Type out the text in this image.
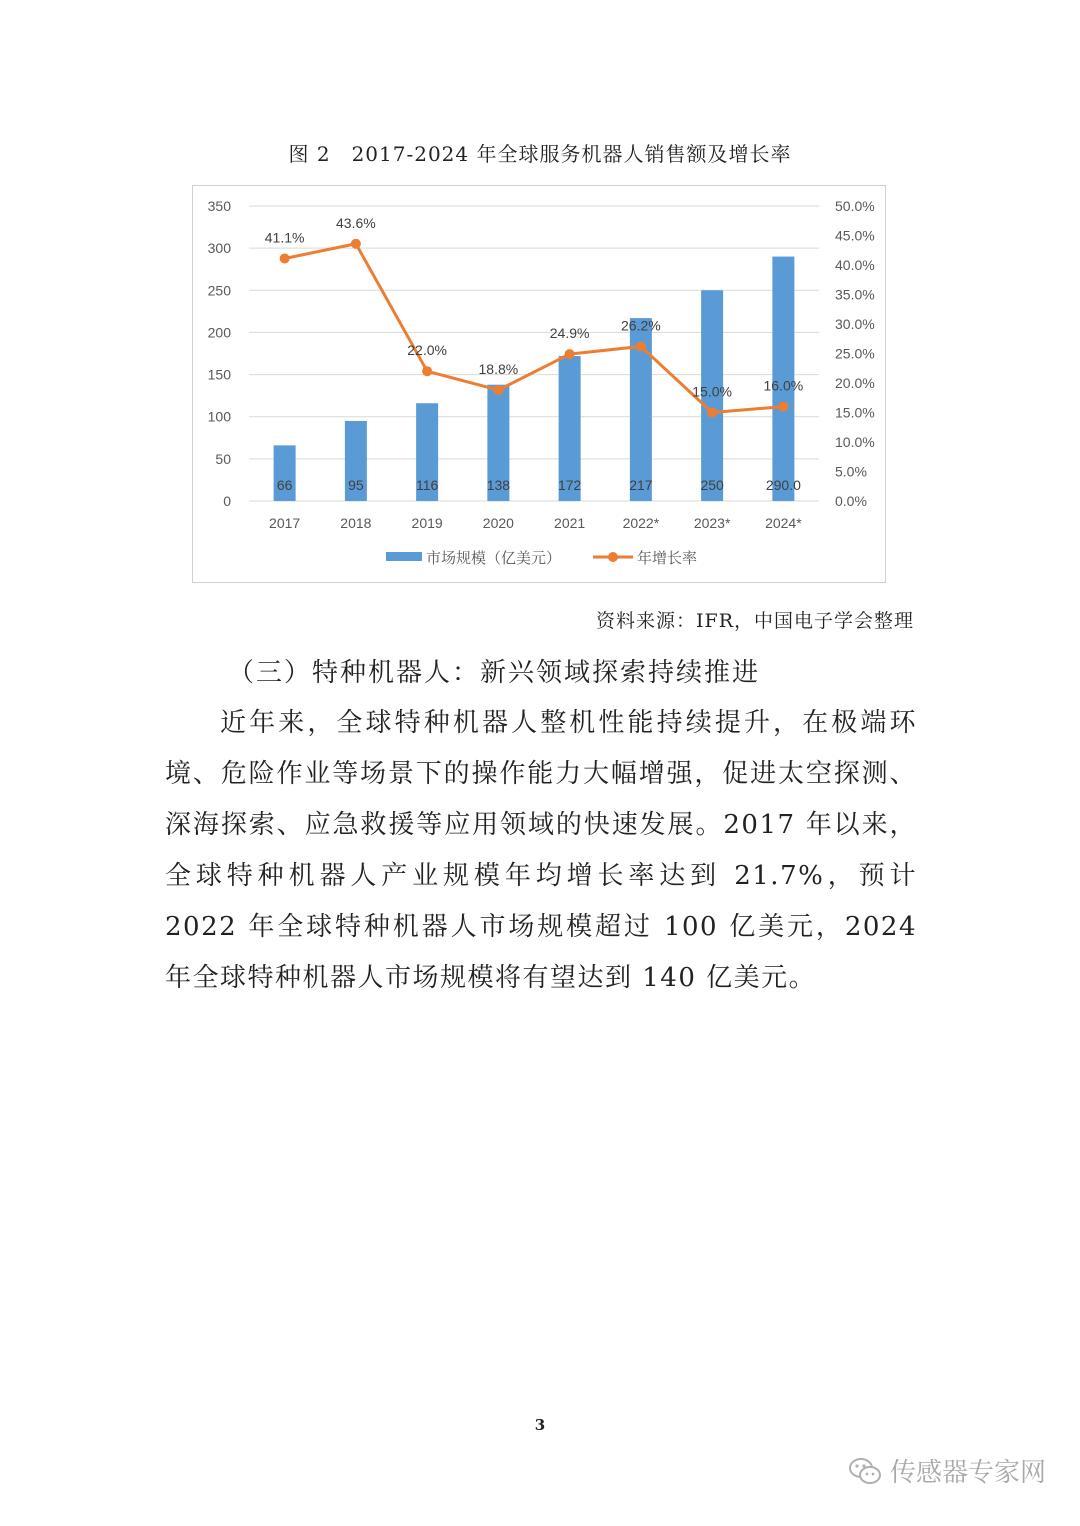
图 2　2017-2024 年全球服务机器人销售额及增长率
0
50
100
150
200
250
300
350
0.0%
5.0%
10.0%
15.0%
20.0%
25.0%
30.0%
35.0%
40.0%
45.0%
50.0%
66
2017
95
2018
116
2019
138
2020
172
2021
217
2022*
250
2023*
290.0
2024*
41.1%
43.6%
22.0%
18.8%
24.9% 26.2%
15.0% 16.0%
市场规模（亿美元）	年增长率
资料来源：IFR，中国电子学会整理
（三）特种机器人：新兴领域探索持续推进

近年来，全球特种机器人整机性能持续提升，在极端环境、危险作业等场景下的操作能力大幅增强，促进太空探测、深海探索、应急救援等应用领域的快速发展。2017 年以来，全球特种机器人产业规模年均增长率达到 21.7%，预计 2022 年全球特种机器人市场规模超过 100 亿美元，2024 年全球特种机器人市场规模将有望达到 140 亿美元。

3
传感器专家网
